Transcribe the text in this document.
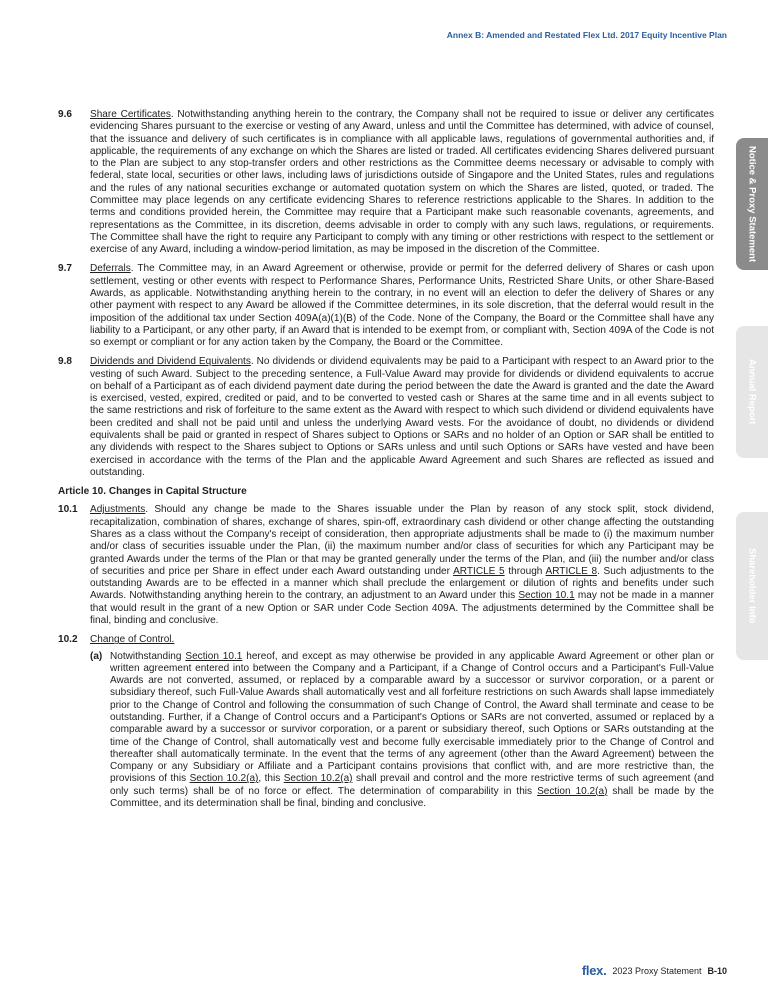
Annex B: Amended and Restated Flex Ltd. 2017 Equity Incentive Plan
Notice & Proxy Statement
Annual Report
Shareholder Info

9.6 Share Certificates. Notwithstanding anything herein to the contrary, the Company shall not be required to issue or deliver any certificates evidencing Shares pursuant to the exercise or vesting of any Award, unless and until the Committee has determined, with advice of counsel, that the issuance and delivery of such certificates is in compliance with all applicable laws, regulations of governmental authorities and, if applicable, the requirements of any exchange on which the Shares are listed or traded. All certificates evidencing Shares delivered pursuant to the Plan are subject to any stop-transfer orders and other restrictions as the Committee deems necessary or advisable to comply with federal, state local, securities or other laws, including laws of jurisdictions outside of Singapore and the United States, rules and regulations and the rules of any national securities exchange or automated quotation system on which the Shares are listed, quoted, or traded. The Committee may place legends on any certificate evidencing Shares to reference restrictions applicable to the Shares. In addition to the terms and conditions provided herein, the Committee may require that a Participant make such reasonable covenants, agreements, and representations as the Committee, in its discretion, deems advisable in order to comply with any such laws, regulations, or requirements. The Committee shall have the right to require any Participant to comply with any timing or other restrictions with respect to the settlement or exercise of any Award, including a window-period limitation, as may be imposed in the discretion of the Committee.

9.7 Deferrals. The Committee may, in an Award Agreement or otherwise, provide or permit for the deferred delivery of Shares or cash upon settlement, vesting or other events with respect to Performance Shares, Performance Units, Restricted Share Units, or other Share-Based Awards, as applicable. Notwithstanding anything herein to the contrary, in no event will an election to defer the delivery of Shares or any other payment with respect to any Award be allowed if the Committee determines, in its sole discretion, that the deferral would result in the imposition of the additional tax under Section 409A(a)(1)(B) of the Code. None of the Company, the Board or the Committee shall have any liability to a Participant, or any other party, if an Award that is intended to be exempt from, or compliant with, Section 409A of the Code is not so exempt or compliant or for any action taken by the Company, the Board or the Committee.

9.8 Dividends and Dividend Equivalents. No dividends or dividend equivalents may be paid to a Participant with respect to an Award prior to the vesting of such Award. Subject to the preceding sentence, a Full-Value Award may provide for dividends or dividend equivalents to accrue on behalf of a Participant as of each dividend payment date during the period between the date the Award is granted and the date the Award is exercised, vested, expired, credited or paid, and to be converted to vested cash or Shares at the same time and in all events subject to the same restrictions and risk of forfeiture to the same extent as the Award with respect to which such dividend or dividend equivalents have been credited and shall not be paid until and unless the underlying Award vests. For the avoidance of doubt, no dividends or dividend equivalents shall be paid or granted in respect of Shares subject to Options or SARs and no holder of an Option or SAR shall be entitled to any dividends with respect to the Shares subject to Options or SARs unless and until such Options or SARs have vested and have been exercised in accordance with the terms of the Plan and the applicable Award Agreement and such Shares are reflected as issued and outstanding.

Article 10. Changes in Capital Structure

10.1 Adjustments. Should any change be made to the Shares issuable under the Plan by reason of any stock split, stock dividend, recapitalization, combination of shares, exchange of shares, spin-off, extraordinary cash dividend or other change affecting the outstanding Shares as a class without the Company's receipt of consideration, then appropriate adjustments shall be made to (i) the maximum number and/or class of securities issuable under the Plan, (ii) the maximum number and/or class of securities for which any Participant may be granted Awards under the terms of the Plan or that may be granted generally under the terms of the Plan, and (iii) the number and/or class of securities and price per Share in effect under each Award outstanding under ARTICLE 5 through ARTICLE 8. Such adjustments to the outstanding Awards are to be effected in a manner which shall preclude the enlargement or dilution of rights and benefits under such Awards. Notwithstanding anything herein to the contrary, an adjustment to an Award under this Section 10.1 may not be made in a manner that would result in the grant of a new Option or SAR under Code Section 409A. The adjustments determined by the Committee shall be final, binding and conclusive.

10.2 Change of Control.

(a) Notwithstanding Section 10.1 hereof, and except as may otherwise be provided in any applicable Award Agreement or other plan or written agreement entered into between the Company and a Participant, if a Change of Control occurs and a Participant's Full-Value Awards are not converted, assumed, or replaced by a comparable award by a successor or survivor corporation, or a parent or subsidiary thereof, such Full-Value Awards shall automatically vest and all forfeiture restrictions on such Awards shall lapse immediately prior to the Change of Control and following the consummation of such Change of Control, the Award shall terminate and cease to be outstanding. Further, if a Change of Control occurs and a Participant's Options or SARs are not converted, assumed or replaced by a comparable award by a successor or survivor corporation, or a parent or subsidiary thereof, such Options or SARs outstanding at the time of the Change of Control, shall automatically vest and become fully exercisable immediately prior to the Change of Control and thereafter shall automatically terminate. In the event that the terms of any agreement (other than the Award Agreement) between the Company or any Subsidiary or Affiliate and a Participant contains provisions that conflict with, and are more restrictive than, the provisions of this Section 10.2(a), this Section 10.2(a) shall prevail and control and the more restrictive terms of such agreement (and only such terms) shall be of no force or effect. The determination of comparability in this Section 10.2(a) shall be made by the Committee, and its determination shall be final, binding and conclusive.

flex. 2023 Proxy Statement B-10
